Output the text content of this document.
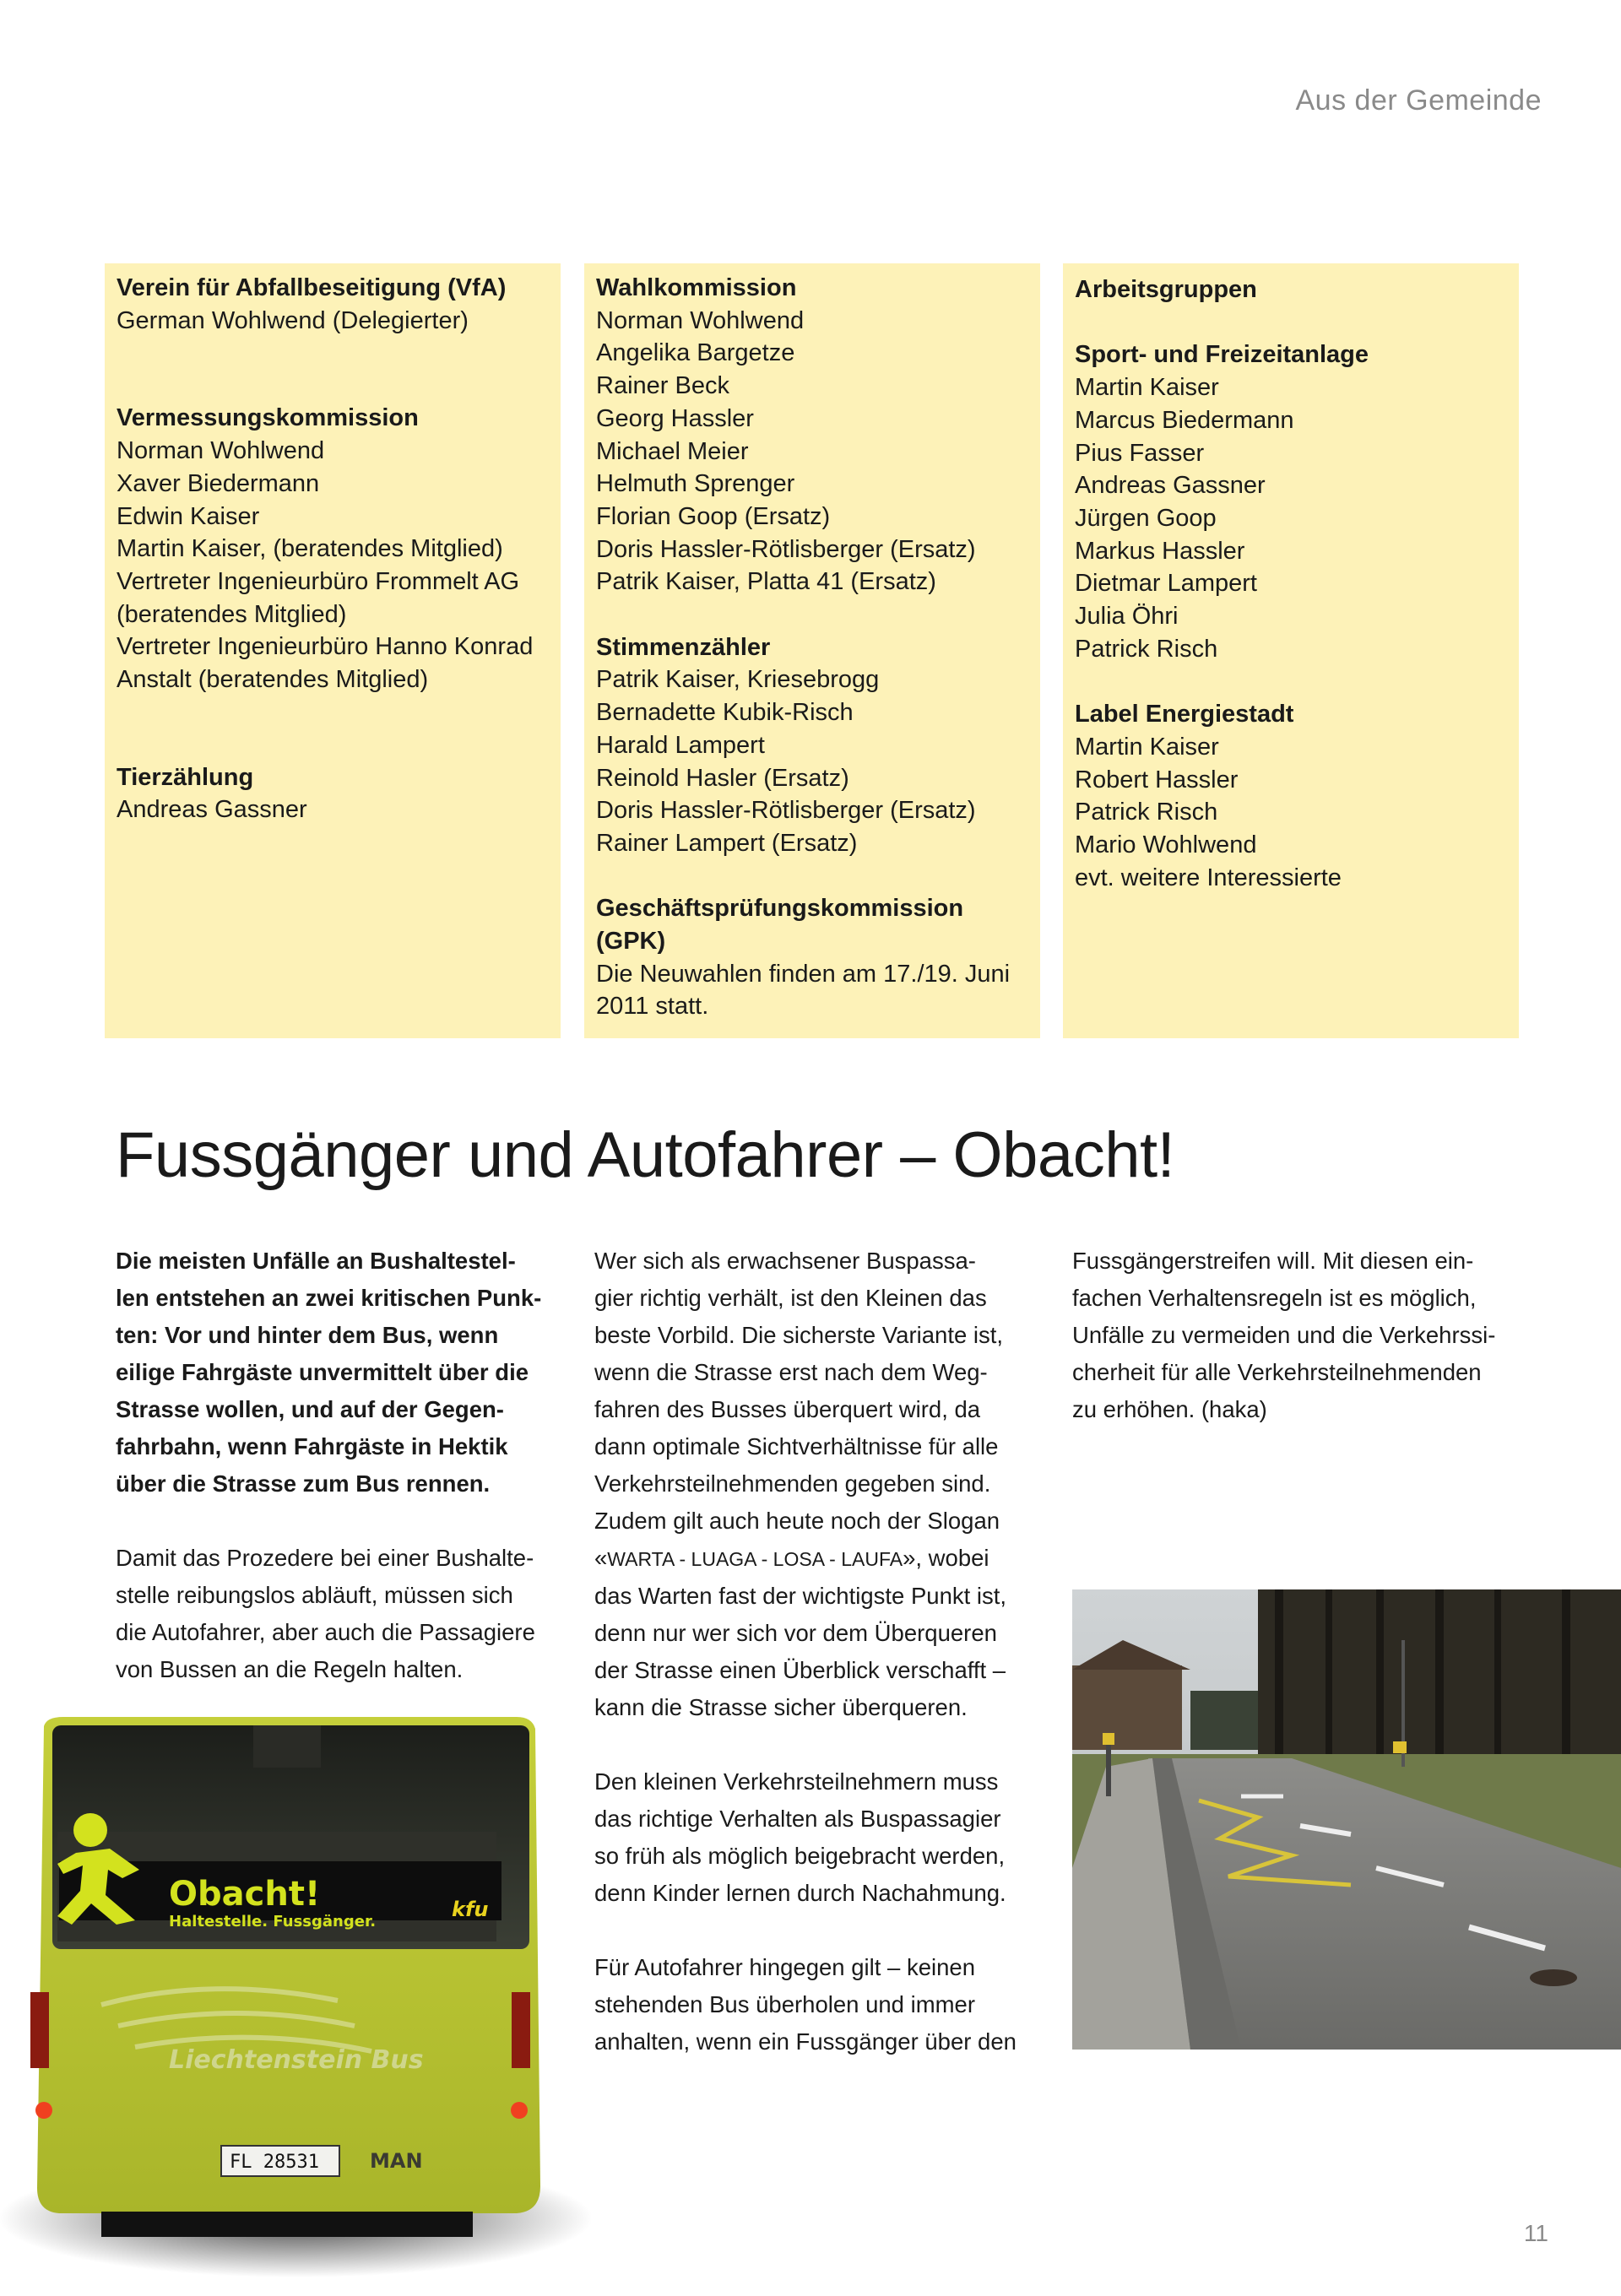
Aus der Gemeinde

Verein für Abfallbeseitigung (VfA)

German Wohlwend (Delegierter)

Vermessungskommission

Norman Wohlwend

Xaver Biedermann

Edwin Kaiser

Martin Kaiser, (beratendes Mitglied)

Vertreter Ingenieurbüro Frommelt AG

(beratendes Mitglied)

Vertreter Ingenieurbüro Hanno Konrad

Anstalt (beratendes Mitglied)

Tierzählung

Andreas Gassner

Wahlkommission

Norman Wohlwend

Angelika Bargetze

Rainer Beck

Georg Hassler

Michael Meier

Helmuth Sprenger

Florian Goop (Ersatz)

Doris Hassler-Rötlisberger (Ersatz)

Patrik Kaiser, Platta 41 (Ersatz)

Stimmenzähler

Patrik Kaiser, Kriesebrogg

Bernadette Kubik-Risch

Harald Lampert

Reinold Hasler (Ersatz)

Doris Hassler-Rötlisberger (Ersatz)

Rainer Lampert (Ersatz)

Geschäftsprüfungskommission

(GPK)

Die Neuwahlen finden am 17./19. Juni

2011 statt.

Arbeitsgruppen

Sport- und Freizeitanlage

Martin Kaiser

Marcus Biedermann

Pius Fasser

Andreas Gassner

Jürgen Goop

Markus Hassler

Dietmar Lampert

Julia Öhri

Patrick Risch

Label Energiestadt

Martin Kaiser

Robert Hassler

Patrick Risch

Mario Wohlwend

evt. weitere Interessierte

Fussgänger und Autofahrer – Obacht!

Die meisten Unfälle an Bushaltestel-

len entstehen an zwei kritischen Punk-

ten: Vor und hinter dem Bus, wenn

eilige Fahrgäste unvermittelt über die

Strasse wollen, und auf der Gegen-

fahrbahn, wenn Fahrgäste in Hektik

über die Strasse zum Bus rennen.

Damit das Prozedere bei einer Bushalte-

stelle reibungslos abläuft, müssen sich

die Autofahrer, aber auch die Passagiere

von Bussen an die Regeln halten.

Wer sich als erwachsener Buspassa-

gier richtig verhält, ist den Kleinen das

beste Vorbild. Die sicherste Variante ist,

wenn die Strasse erst nach dem Weg-

fahren des Busses überquert wird, da

dann optimale Sichtverhältnisse für alle

Verkehrsteilnehmenden gegeben sind.

Zudem gilt auch heute noch der Slogan

«WARTA - LUAGA - LOSA - LAUFA», wobei

das Warten fast der wichtigste Punkt ist,

denn nur wer sich vor dem Überqueren

der Strasse einen Überblick verschafft –

kann die Strasse sicher überqueren.

Den kleinen Verkehrsteilnehmern muss

das richtige Verhalten als Buspassagier

so früh als möglich beigebracht werden,

denn Kinder lernen durch Nachahmung.

Für Autofahrer hingegen gilt – keinen

stehenden Bus überholen und immer

anhalten, wenn ein Fussgänger über den

Fussgängerstreifen will. Mit diesen ein-

fachen Verhaltensregeln ist es möglich,

Unfälle zu vermeiden und die Verkehrssi-

cherheit für alle Verkehrsteilnehmenden

zu erhöhen. (haka)

Obacht!
Haltestelle. Fussgänger.
kfu
Liechtenstein Bus
FL 28531	MAN
11
